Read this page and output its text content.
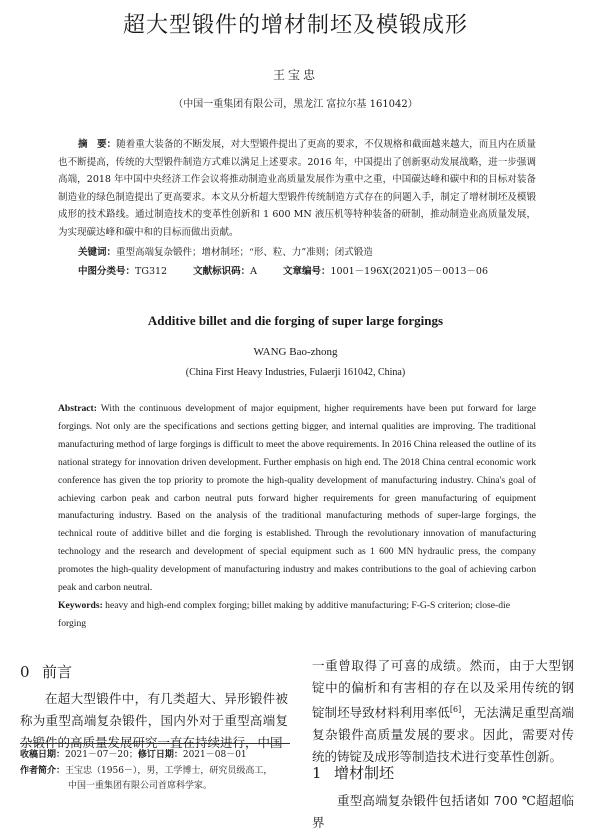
超大型锻件的增材制坯及模锻成形
王宝忠
（中国一重集团有限公司，黑龙江 富拉尔基 161042）
摘　要：随着重大装备的不断发展，对大型锻件提出了更高的要求，不仅规格和截面越来越大，而且内在质量也不断提高，传统的大型锻件制造方式难以满足上述要求。2016 年，中国提出了创新驱动发展战略，进一步强调高端，2018 年中国中央经济工作会议将推动制造业高质量发展作为重中之重，中国碳达峰和碳中和的目标对装备制造业的绿色制造提出了更高要求。本文从分析超大型锻件传统制造方式存在的问题入手，制定了增材制坯及模锻成形的技术路线。通过制造技术的变革性创新和 1 600 MN 液压机等特种装备的研制，推动制造业高质量发展，为实现碳达峰和碳中和的目标而做出贡献。
关键词：重型高端复杂锻件；增材制坯；“形、粒、力”准则；闭式锻造
中图分类号：TG312	文献标识码：A	文章编号：1001－196X(2021)05－0013－06
Additive billet and die forging of super large forgings
WANG Bao-zhong
(China First Heavy Industries, Fulaerji 161042, China)
Abstract: With the continuous development of major equipment, higher requirements have been put forward for large forgings. Not only are the specifications and sections getting bigger, and internal qualities are improving. The traditional manufacturing method of large forgings is difficult to meet the above requirements. In 2016 China released the outline of its national strategy for innovation driven development. Further emphasis on high end. The 2018 China central economic work conference has given the top priority to promote the high-quality development of manufacturing industry. China's goal of achieving carbon peak and carbon neutral puts forward higher requirements for green manufacturing of equipment manufacturing industry. Based on the analysis of the traditional manufacturing methods of super-large forgings, the technical route of additive billet and die forging is established. Through the revolutionary innovation of manufacturing technology and the research and development of special equipment such as 1 600 MN hydraulic press, the company promotes the high-quality development of manufacturing industry and makes contributions to the goal of achieving carbon peak and carbon neutral.
Keywords: heavy and high-end complex forging; billet making by additive manufacturing; F-G-S criterion; close-die forging
0 前言

在超大型锻件中，有几类超大、异形锻件被称为重型高端复杂锻件，国内外对于重型高端复杂锻件的高质量发展研究一直在持续进行，中国

收稿日期：2021－07－20；修订日期：2021－08－01
作者简介：王宝忠（1956－），男，工学博士，研究员级高工，
中国一重集团有限公司首席科学家。

一重曾取得了可喜的成绩。然而，由于大型钢锭中的偏析和有害相的存在以及采用传统的钢锭制坯导致材料利用率低[6]，无法满足重型高端复杂锻件高质量发展的要求。因此，需要对传统的铸锭及成形等制造技术进行变革性创新。

1 增材制坯

重型高端复杂锻件包括诸如 700 ℃超超临界
